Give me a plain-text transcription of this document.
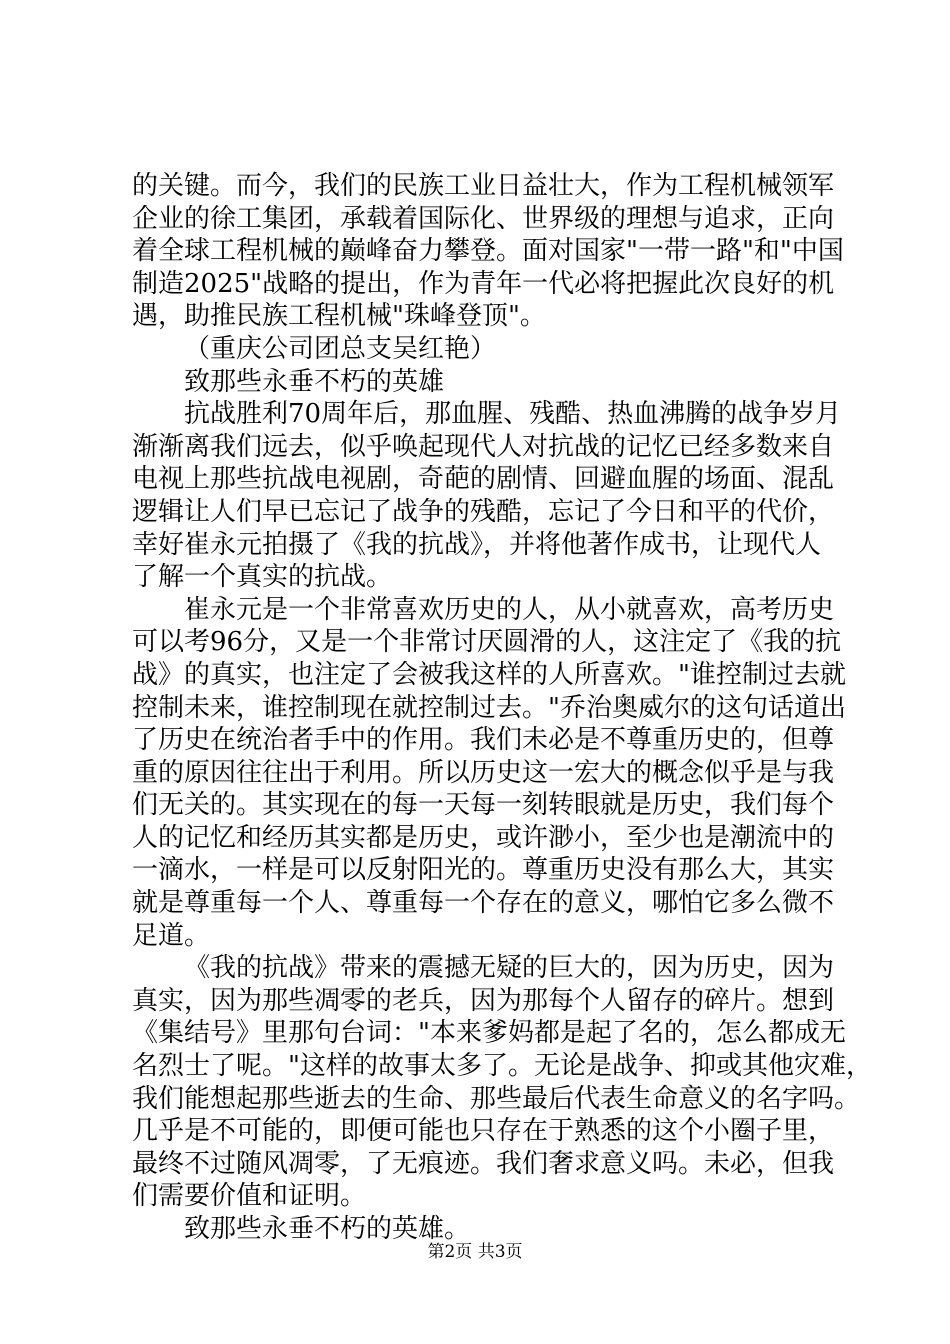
的关键。而今，我们的民族工业日益壮大，作为工程机械领军
企业的徐工集团，承载着国际化、世界级的理想与追求，正向
着全球工程机械的巅峰奋力攀登。面对国家"一带一路"和"中国
制造2025"战略的提出，作为青年一代必将把握此次良好的机
遇，助推民族工程机械"珠峰登顶"。
（重庆公司团总支吴红艳）
致那些永垂不朽的英雄
抗战胜利70周年后，那血腥、残酷、热血沸腾的战争岁月
渐渐离我们远去，似乎唤起现代人对抗战的记忆已经多数来自
电视上那些抗战电视剧，奇葩的剧情、回避血腥的场面、混乱
逻辑让人们早已忘记了战争的残酷，忘记了今日和平的代价，
幸好崔永元拍摄了《我的抗战》，并将他著作成书，让现代人
了解一个真实的抗战。
崔永元是一个非常喜欢历史的人，从小就喜欢，高考历史
可以考96分，又是一个非常讨厌圆滑的人，这注定了《我的抗
战》的真实，也注定了会被我这样的人所喜欢。"谁控制过去就
控制未来，谁控制现在就控制过去。"乔治奥威尔的这句话道出
了历史在统治者手中的作用。我们未必是不尊重历史的，但尊
重的原因往往出于利用。所以历史这一宏大的概念似乎是与我
们无关的。其实现在的每一天每一刻转眼就是历史，我们每个
人的记忆和经历其实都是历史，或许渺小，至少也是潮流中的
一滴水，一样是可以反射阳光的。尊重历史没有那么大，其实
就是尊重每一个人、尊重每一个存在的意义，哪怕它多么微不
足道。
《我的抗战》带来的震撼无疑的巨大的，因为历史，因为
真实，因为那些凋零的老兵，因为那每个人留存的碎片。想到
《集结号》里那句台词："本来爹妈都是起了名的，怎么都成无
名烈士了呢。"这样的故事太多了。无论是战争、抑或其他灾难，
我们能想起那些逝去的生命、那些最后代表生命意义的名字吗。
几乎是不可能的，即便可能也只存在于熟悉的这个小圈子里，
最终不过随风凋零，了无痕迹。我们奢求意义吗。未必，但我
们需要价值和证明。
致那些永垂不朽的英雄。
第2页 共3页
